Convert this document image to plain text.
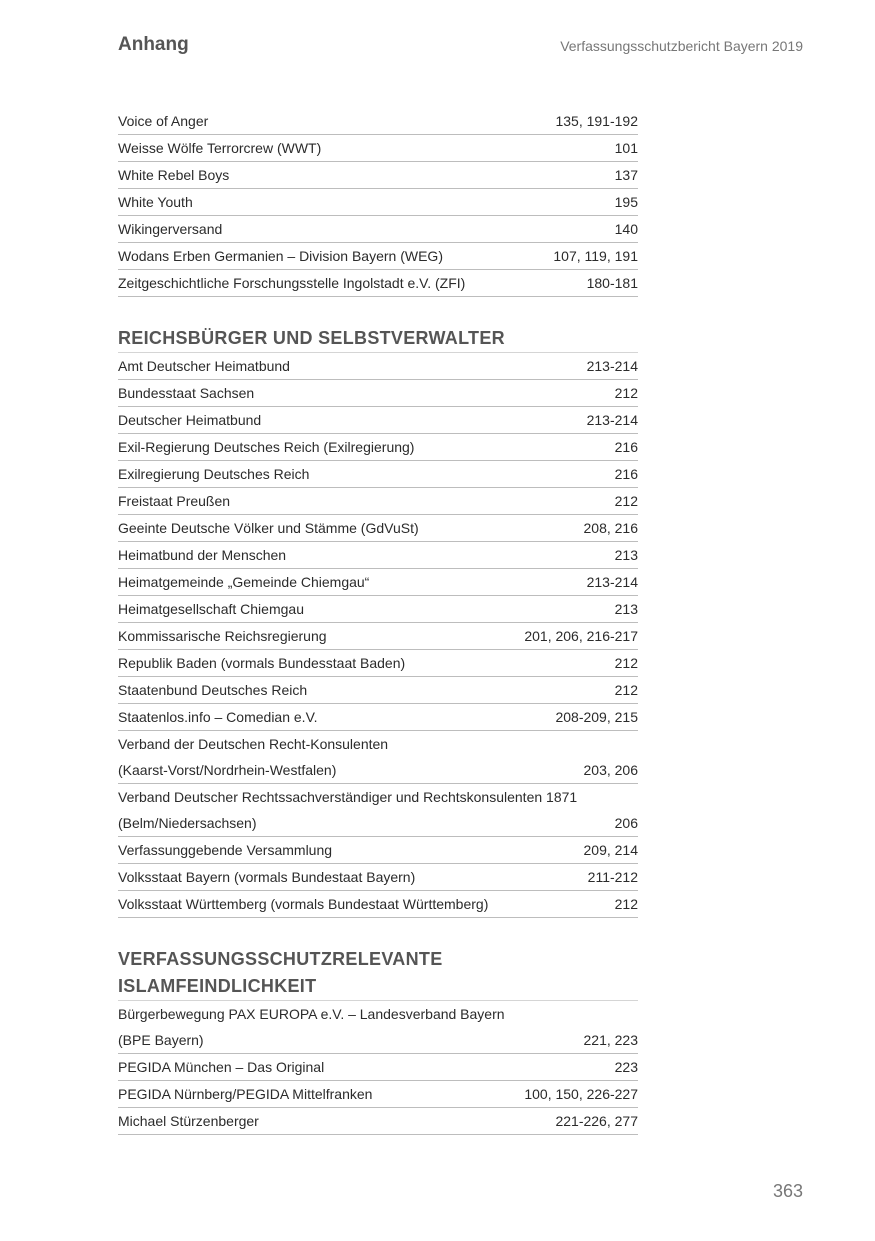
Anhang	Verfassungsschutzbericht Bayern 2019
Voice of Anger	135, 191-192
Weisse Wölfe Terrorcrew (WWT)	101
White Rebel Boys	137
White Youth	195
Wikingerversand	140
Wodans Erben Germanien – Division Bayern (WEG)	107, 119, 191
Zeitgeschichtliche Forschungsstelle Ingolstadt e.V. (ZFI)	180-181
REICHSBÜRGER UND SELBSTVERWALTER
Amt Deutscher Heimatbund	213-214
Bundesstaat Sachsen	212
Deutscher Heimatbund	213-214
Exil-Regierung Deutsches Reich (Exilregierung)	216
Exilregierung Deutsches Reich	216
Freistaat Preußen	212
Geeinte Deutsche Völker und Stämme (GdVuSt)	208, 216
Heimatbund der Menschen	213
Heimatgemeinde „Gemeinde Chiemgau“	213-214
Heimatgesellschaft Chiemgau	213
Kommissarische Reichsregierung	201, 206, 216-217
Republik Baden (vormals Bundesstaat Baden)	212
Staatenbund Deutsches Reich	212
Staatenlos.info – Comedian e.V.	208-209, 215
Verband der Deutschen Recht-Konsulenten
(Kaarst-Vorst/Nordrhein-Westfalen)	203, 206
Verband Deutscher Rechtssachverständiger und Rechtskonsulenten 1871
(Belm/Niedersachsen)	206
Verfassunggebende Versammlung	209, 214
Volksstaat Bayern (vormals Bundestaat Bayern)	211-212
Volksstaat Württemberg (vormals Bundestaat Württemberg)	212
VERFASSUNGSSCHUTZRELEVANTE
ISLAMFEINDLICHKEIT
Bürgerbewegung PAX EUROPA e.V. – Landesverband Bayern
(BPE Bayern)	221, 223
PEGIDA München – Das Original	223
PEGIDA Nürnberg/PEGIDA Mittelfranken	100, 150, 226-227
Michael Stürzenberger	221-226, 277
363
